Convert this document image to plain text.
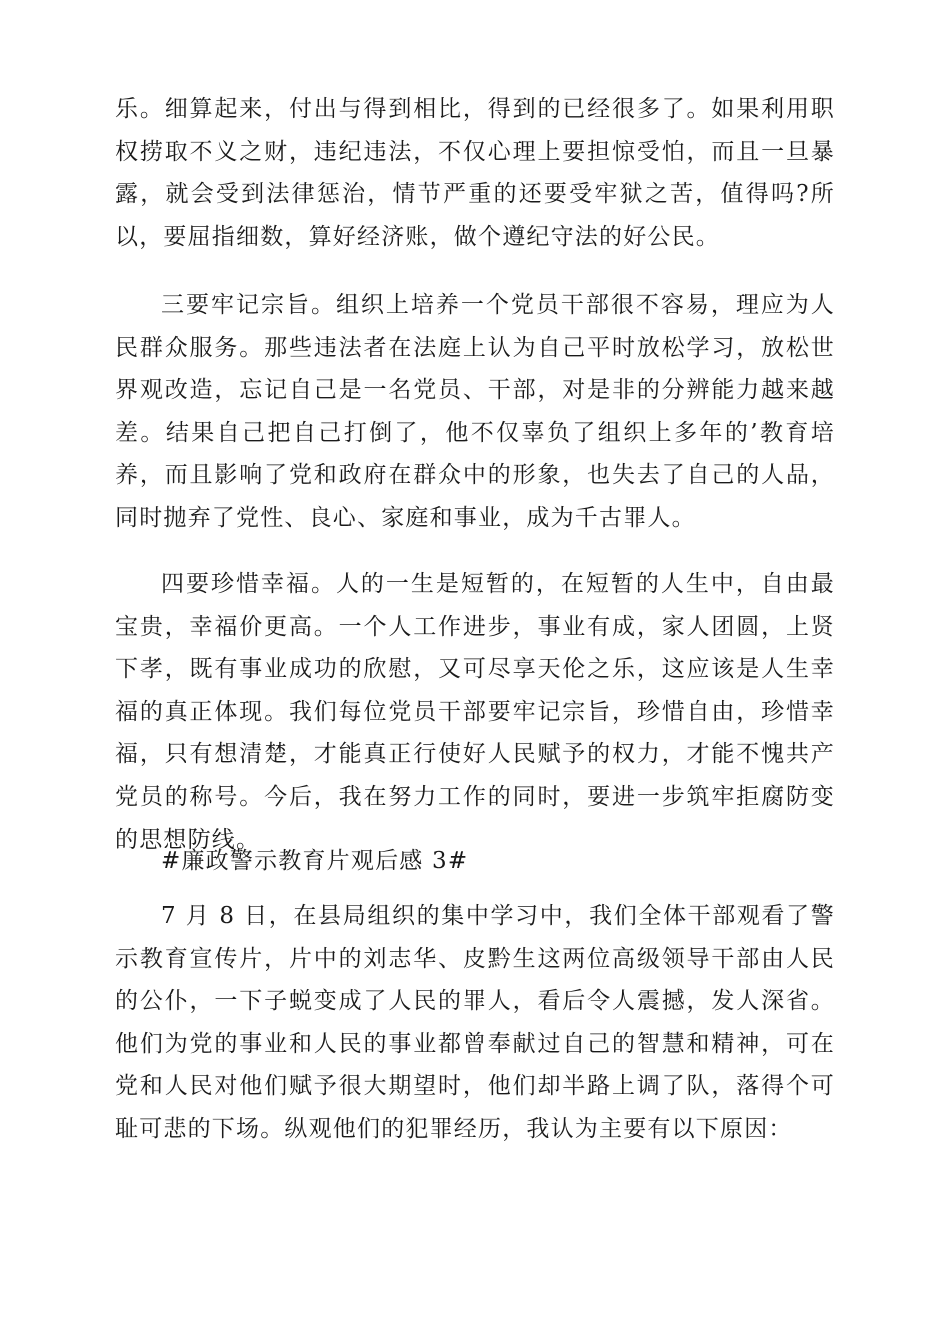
乐。细算起来，付出与得到相比，得到的已经很多了。如果利用职权捞取不义之财，违纪违法，不仅心理上要担惊受怕，而且一旦暴露，就会受到法律惩治，情节严重的还要受牢狱之苦，值得吗?所以，要屈指细数，算好经济账，做个遵纪守法的好公民。

三要牢记宗旨。组织上培养一个党员干部很不容易，理应为人民群众服务。那些违法者在法庭上认为自己平时放松学习，放松世界观改造，忘记自己是一名党员、干部，对是非的分辨能力越来越差。结果自己把自己打倒了，他不仅辜负了组织上多年的’教育培养，而且影响了党和政府在群众中的形象，也失去了自己的人品，同时抛弃了党性、良心、家庭和事业，成为千古罪人。

四要珍惜幸福。人的一生是短暂的，在短暂的人生中，自由最宝贵，幸福价更高。一个人工作进步，事业有成，家人团圆，上贤下孝，既有事业成功的欣慰，又可尽享天伦之乐，这应该是人生幸福的真正体现。我们每位党员干部要牢记宗旨，珍惜自由，珍惜幸福，只有想清楚，才能真正行使好人民赋予的权力，才能不愧共产党员的称号。今后，我在努力工作的同时，要进一步筑牢拒腐防变的思想防线。

#廉政警示教育片观后感 3#

7 月 8 日，在县局组织的集中学习中，我们全体干部观看了警示教育宣传片，片中的刘志华、皮黔生这两位高级领导干部由人民的公仆，一下子蜕变成了人民的罪人，看后令人震撼，发人深省。他们为党的事业和人民的事业都曾奉献过自己的智慧和精神，可在党和人民对他们赋予很大期望时，他们却半路上调了队，落得个可耻可悲的下场。纵观他们的犯罪经历，我认为主要有以下原因：
